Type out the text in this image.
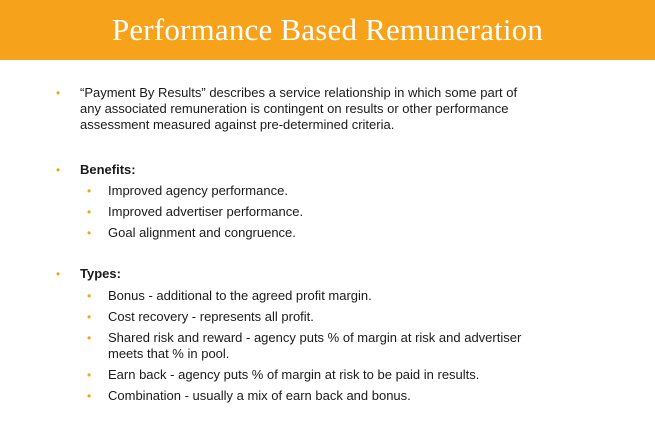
Performance Based Remuneration
• “Payment By Results” describes a service relationship in which some part of
any associated remuneration is contingent on results or other performance
assessment measured against pre-determined criteria.
• Benefits:
• Improved agency performance.
• Improved advertiser performance.
• Goal alignment and congruence.
• Types:
• Bonus - additional to the agreed profit margin.
• Cost recovery - represents all profit.
• Shared risk and reward - agency puts % of margin at risk and advertiser
meets that % in pool.
• Earn back - agency puts % of margin at risk to be paid in results.
• Combination - usually a mix of earn back and bonus.
